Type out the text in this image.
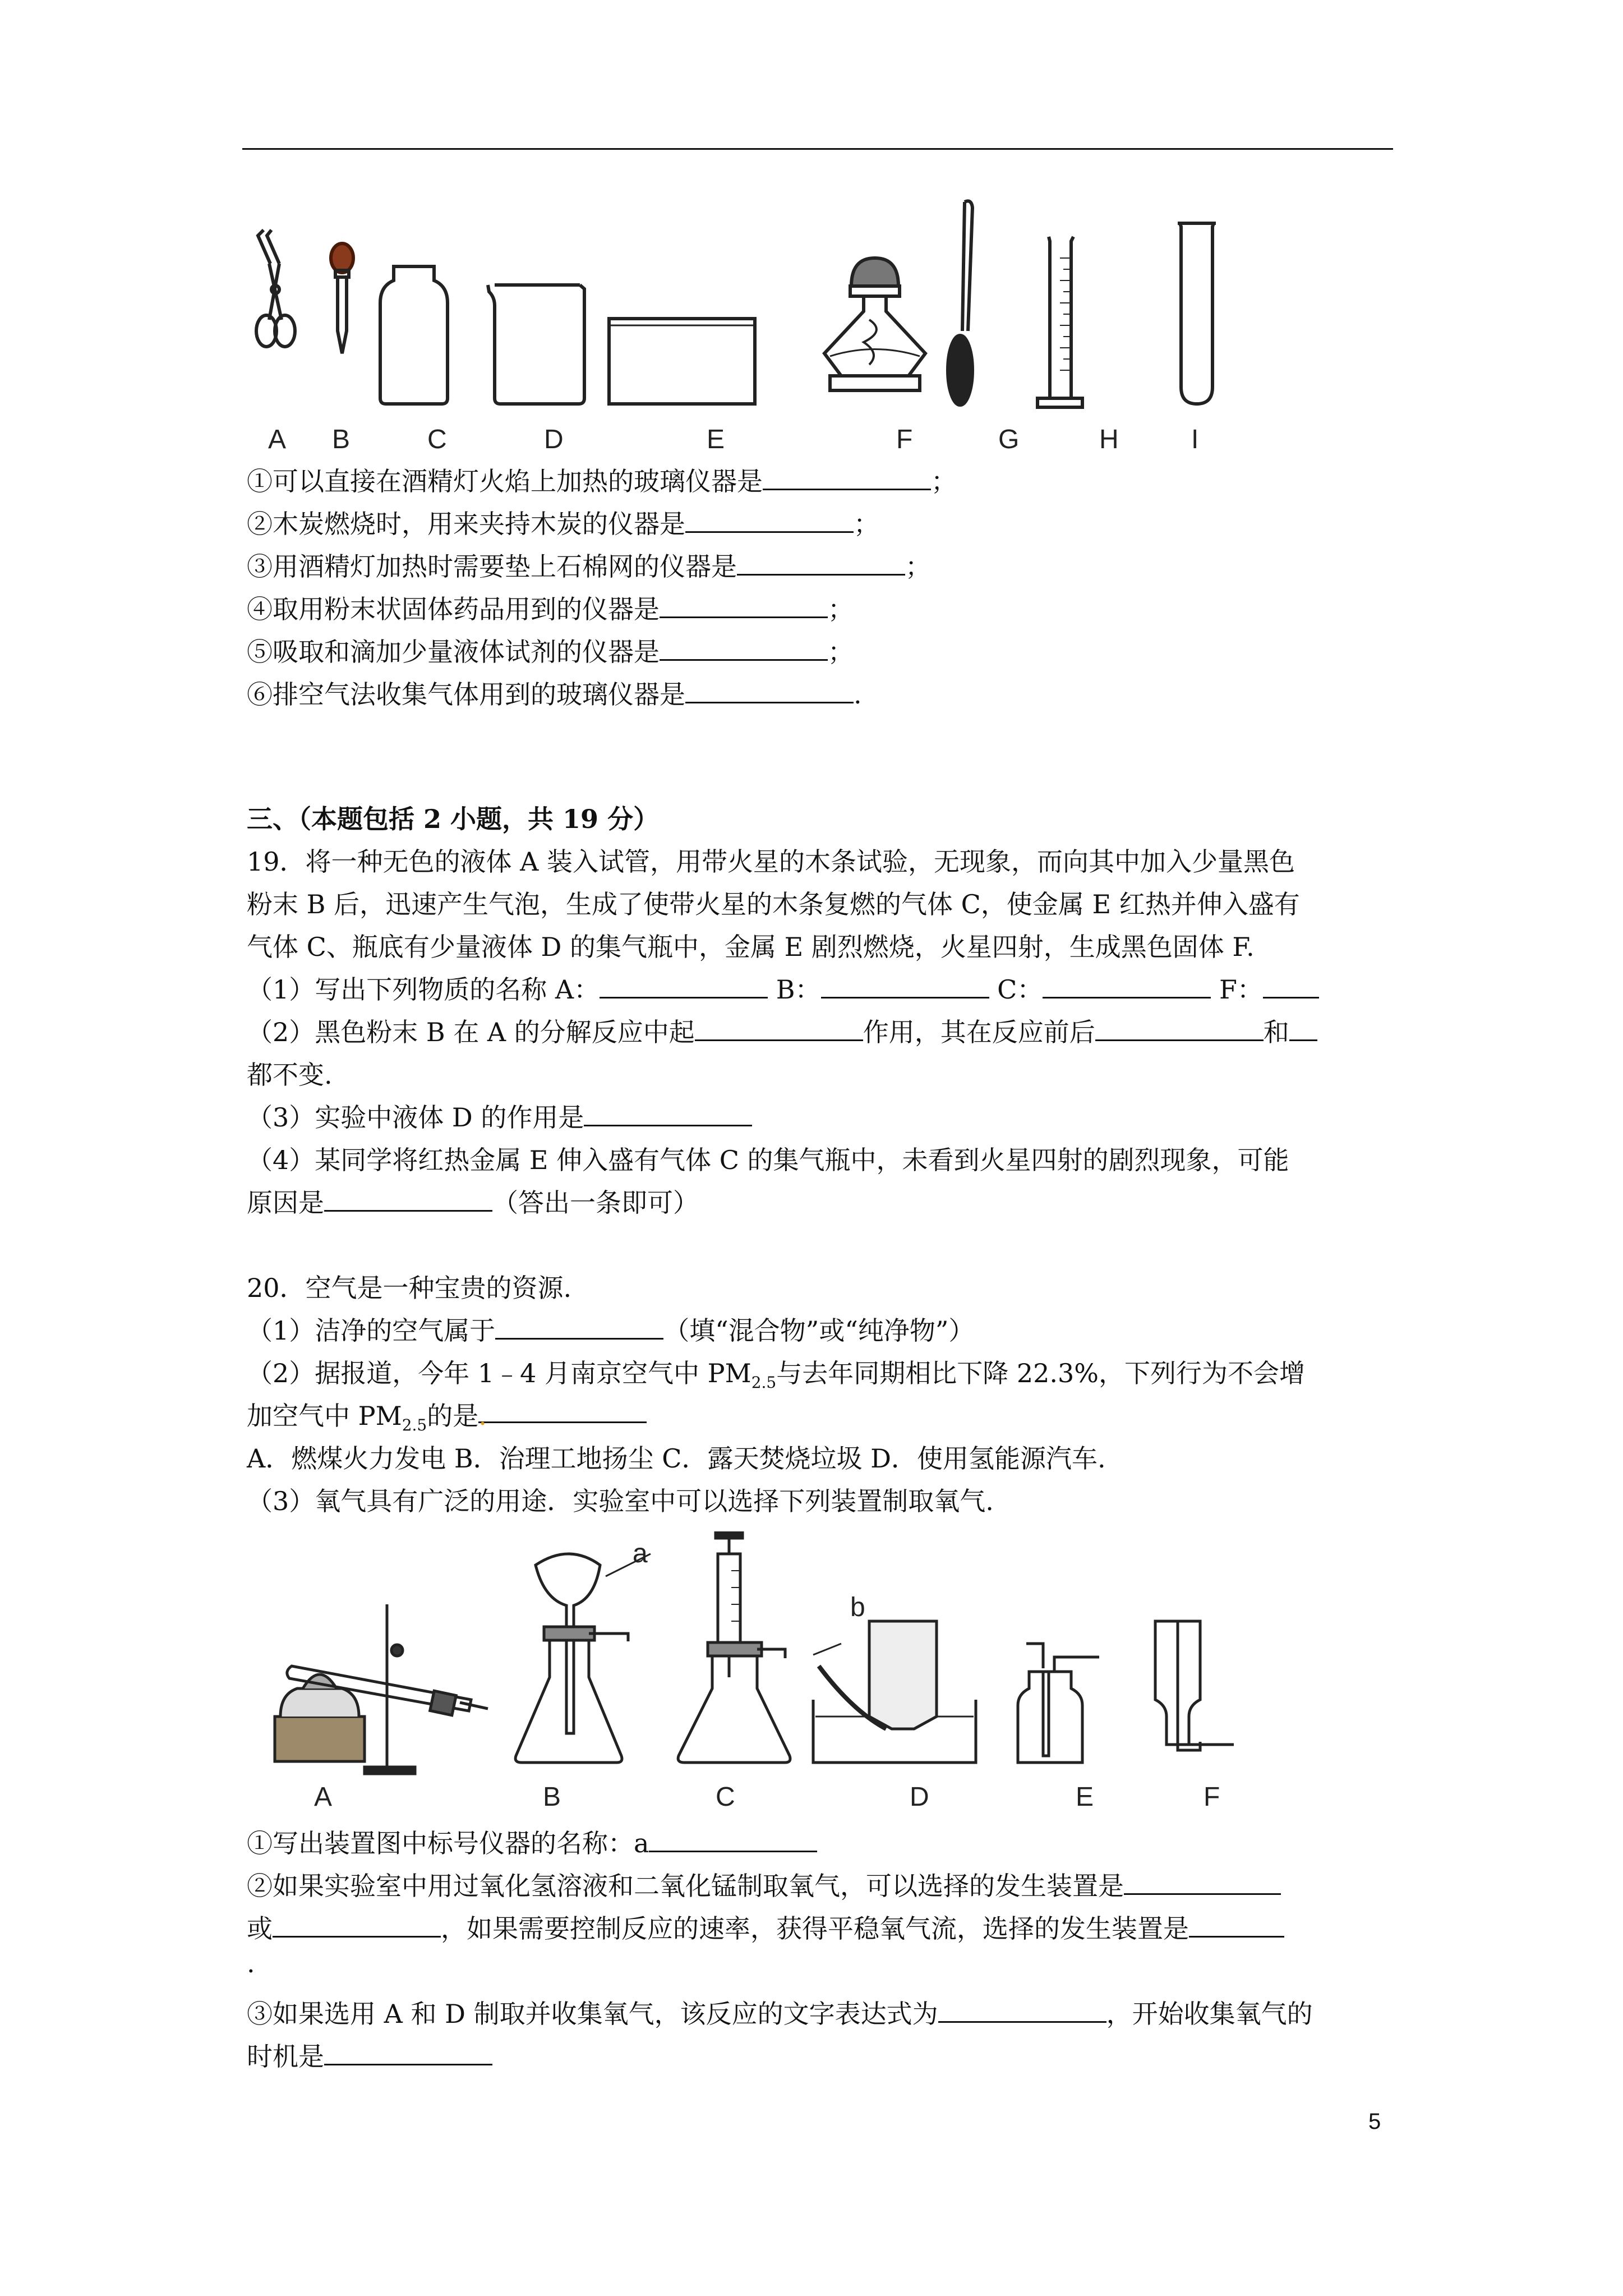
A B	C	D	E	F	G	H	I
①可以直接在酒精灯火焰上加热的玻璃仪器是	；
②木炭燃烧时，用来夹持木炭的仪器是	；
③用酒精灯加热时需要垫上石棉网的仪器是	；
④取用粉末状固体药品用到的仪器是	；
⑤吸取和滴加少量液体试剂的仪器是	；
⑥排空气法收集气体用到的玻璃仪器是	.
三、（本题包括 2 小题，共 19 分）
19．将一种无色的液体 A 装入试管，用带火星的木条试验，无现象，而向其中加入少量黑色
粉末 B 后，迅速产生气泡，生成了使带火星的木条复燃的气体 C，使金属 E 红热并伸入盛有
气体 C、瓶底有少量液体 D 的集气瓶中，金属 E 剧烈燃烧，火星四射，生成黑色固体 F.
（1）写出下列物质的名称 A：	B：	C：	F：
（2）黑色粉末 B 在 A 的分解反应中起	作用，其在反应前后	和
都不变.
（3）实验中液体 D 的作用是
（4）某同学将红热金属 E 伸入盛有气体 C 的集气瓶中，未看到火星四射的剧烈现象，可能
原因是	（答出一条即可）
20．空气是一种宝贵的资源.
（1）洁净的空气属于	（填“混合物”或“纯净物”）
（2）据报道，今年 1﹣4 月南京空气中 $PM_{2.5}$与去年同期相比下降 22.3%，下列行为不会增
加空气中 $PM_{2.5}$的是.
A．燃煤火力发电 B．治理工地扬尘 C．露天焚烧垃圾 D．使用氢能源汽车.
（3）氧气具有广泛的用途．实验室中可以选择下列装置制取氧气.
a
b
A	B	C	D	E	F
①写出装置图中标号仪器的名称：a
②如果实验室中用过氧化氢溶液和二氧化锰制取氧气，可以选择的发生装置是
或	，如果需要控制反应的速率，获得平稳氧气流，选择的发生装置是
.
③如果选用 A 和 D 制取并收集氧气，该反应的文字表达式为	，开始收集氧气的
时机是
5
